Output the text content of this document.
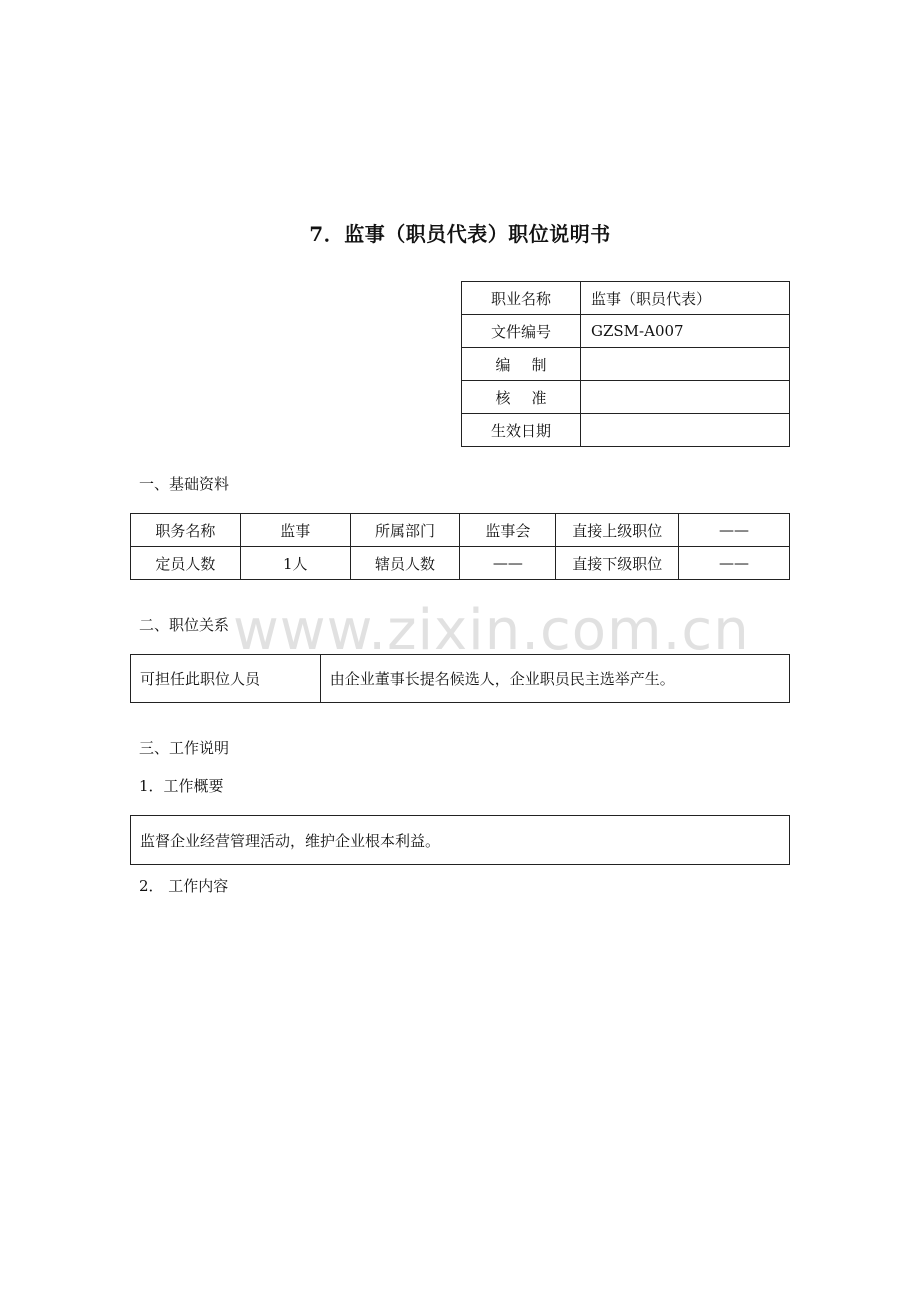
7．监事（职员代表）职位说明书
职业名称	监事（职员代表）
文件编号	GZSM-A007
编制	
核准	
生效日期	
一、基础资料
职务名称	监事	所属部门	监事会	直接上级职位	——
定员人数	1人	辖员人数	——	直接下级职位	——
二、职位关系
可担任此职位人员	由企业董事长提名候选人，企业职员民主选举产生。
三、工作说明
1．工作概要
监督企业经营管理活动，维护企业根本利益。
2． 工作内容
www.zixin.com.cn
